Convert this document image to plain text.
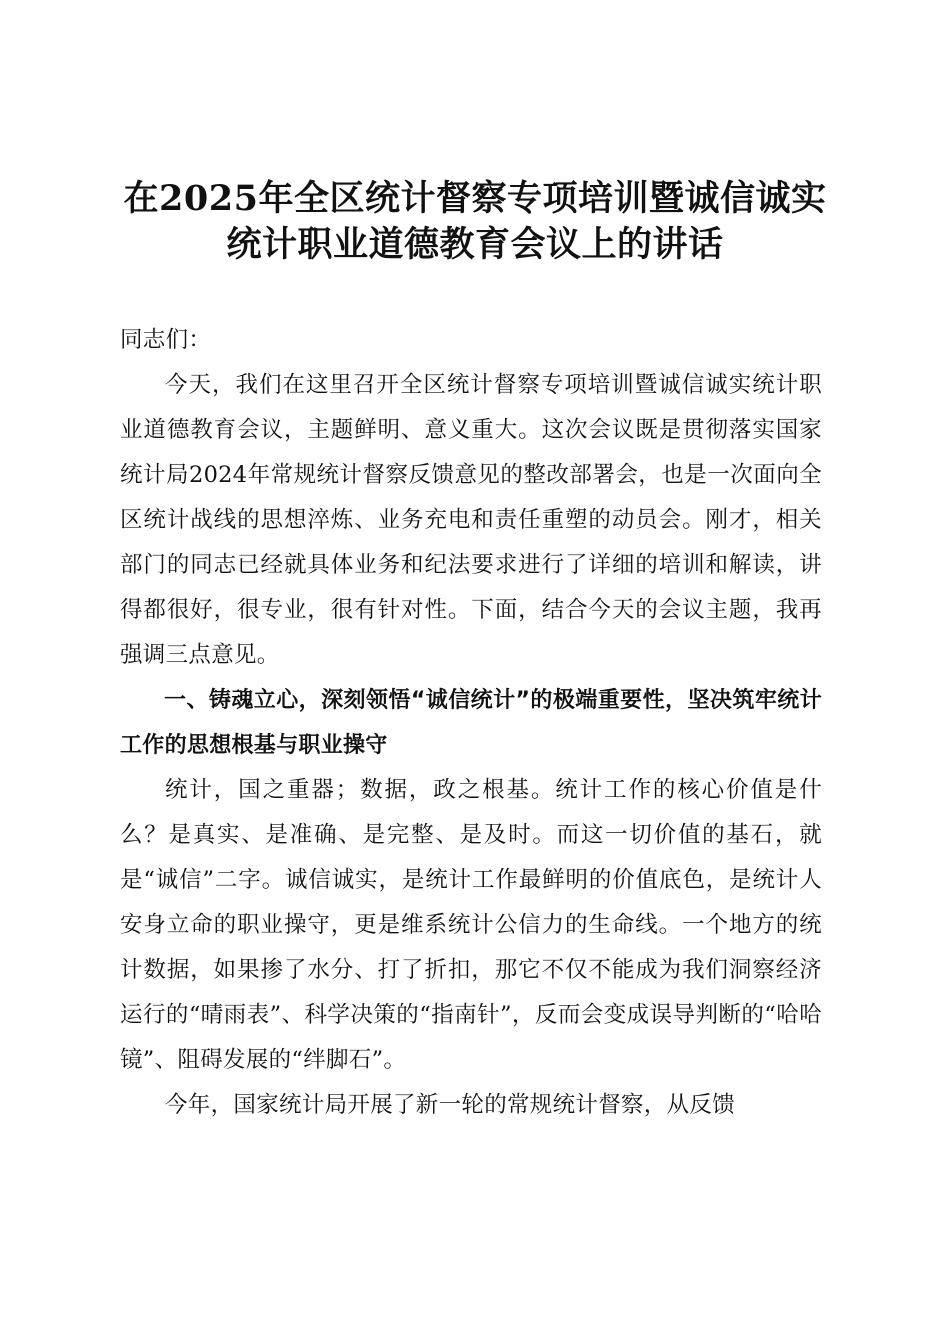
在2025年全区统计督察专项培训暨诚信诚实
统计职业道德教育会议上的讲话

同志们：

今天，我们在这里召开全区统计督察专项培训暨诚信诚实统计职业道德教育会议，主题鲜明、意义重大。这次会议既是贯彻落实国家统计局2024年常规统计督察反馈意见的整改部署会，也是一次面向全区统计战线的思想淬炼、业务充电和责任重塑的动员会。刚才，相关部门的同志已经就具体业务和纪法要求进行了详细的培训和解读，讲得都很好，很专业，很有针对性。下面，结合今天的会议主题，我再强调三点意见。

一、铸魂立心，深刻领悟“诚信统计”的极端重要性，坚决筑牢统计工作的思想根基与职业操守

统计，国之重器；数据，政之根基。统计工作的核心价值是什么？是真实、是准确、是完整、是及时。而这一切价值的基石，就是“诚信”二字。诚信诚实，是统计工作最鲜明的价值底色，是统计人安身立命的职业操守，更是维系统计公信力的生命线。一个地方的统计数据，如果掺了水分、打了折扣，那它不仅不能成为我们洞察经济运行的“晴雨表”、科学决策的“指南针”，反而会变成误导判断的“哈哈镜”、阻碍发展的“绊脚石”。

今年，国家统计局开展了新一轮的常规统计督察，从反馈
